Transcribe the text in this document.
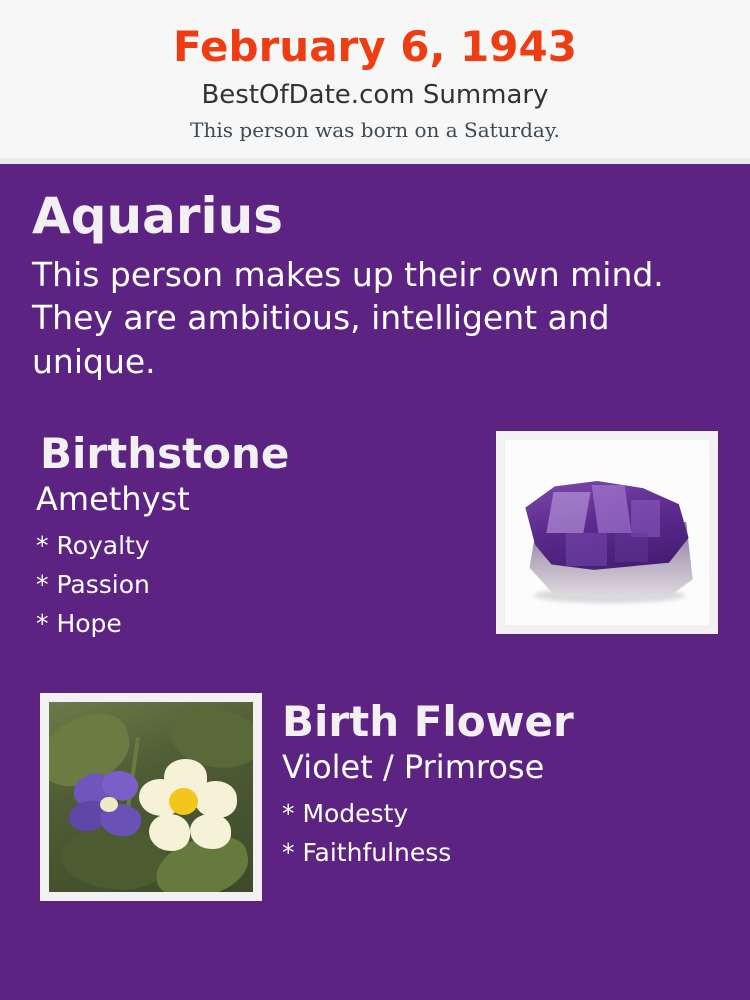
February 6, 1943
BestOfDate.com Summary
This person was born on a Saturday.
Aquarius
This person makes up their own mind. They are ambitious, intelligent and unique.
Birthstone
Amethyst
* Royalty
* Passion
* Hope
Birth Flower
Violet / Primrose
* Modesty
* Faithfulness
